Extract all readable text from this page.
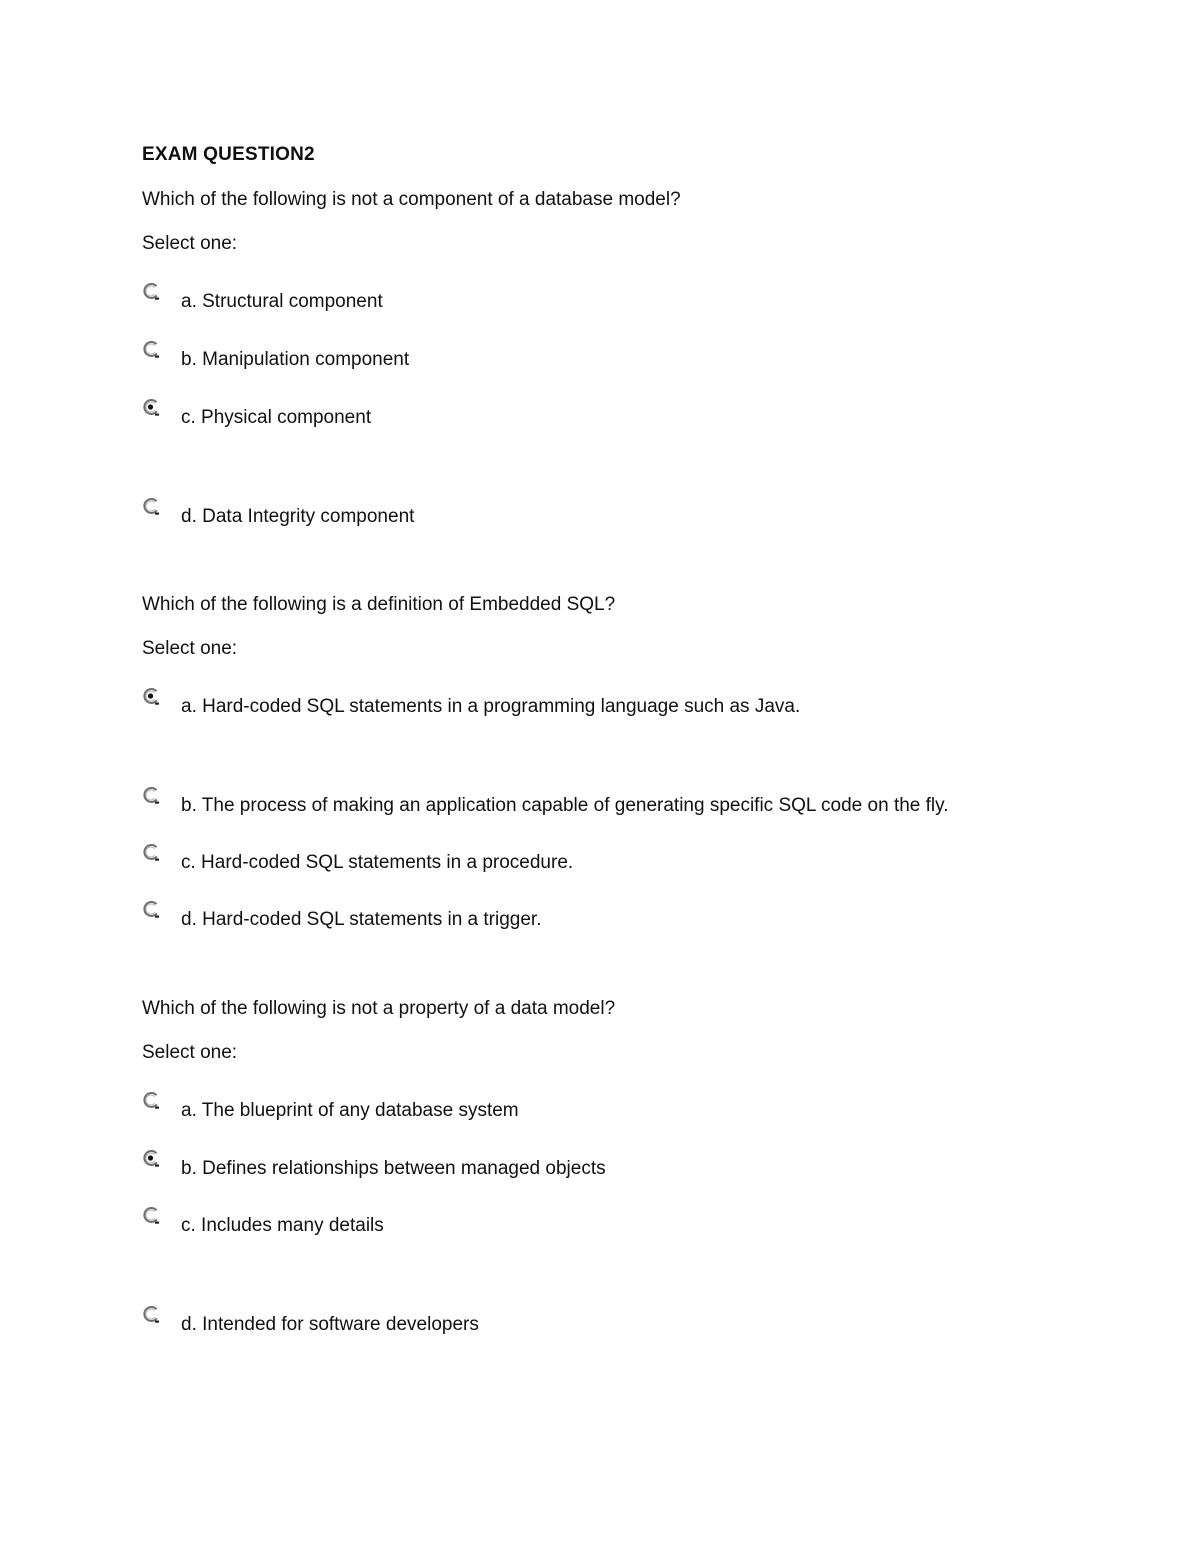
EXAM QUESTION2
Which of the following is not a component of a database model?
Select one:
a. Structural component
b. Manipulation component
c. Physical component
d. Data Integrity component
Which of the following is a definition of Embedded SQL?
Select one:
a. Hard-coded SQL statements in a programming language such as Java.
b. The process of making an application capable of generating specific SQL code on the fly.
c. Hard-coded SQL statements in a procedure.
d. Hard-coded SQL statements in a trigger.
Which of the following is not a property of a data model?
Select one:
a. The blueprint of any database system
b. Defines relationships between managed objects
c. Includes many details
d. Intended for software developers
